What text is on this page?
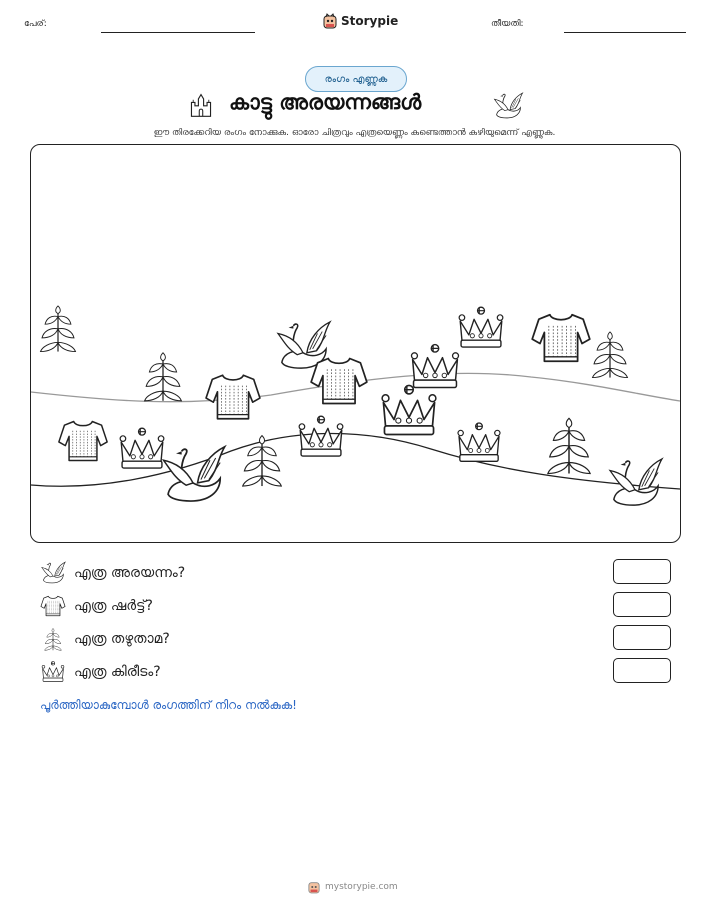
പേര്:	Storypie	തീയതി:
രംഗം എണ്ണുക
കാട്ടു അരയന്നങ്ങൾ
ഈ തിരക്കേറിയ രംഗം നോക്കുക. ഓരോ ചിത്രവും എത്രയെണ്ണം കണ്ടെത്താൻ കഴിയുമെന്ന് എണ്ണുക.
എത്ര അരയന്നം?
എത്ര ഷർട്ട്?
എത്ര തഴുതാമ?
എത്ര കിരീടം?
പൂർത്തിയാകുമ്പോൾ രംഗത്തിന് നിറം നൽകുക!
mystorypie.com
